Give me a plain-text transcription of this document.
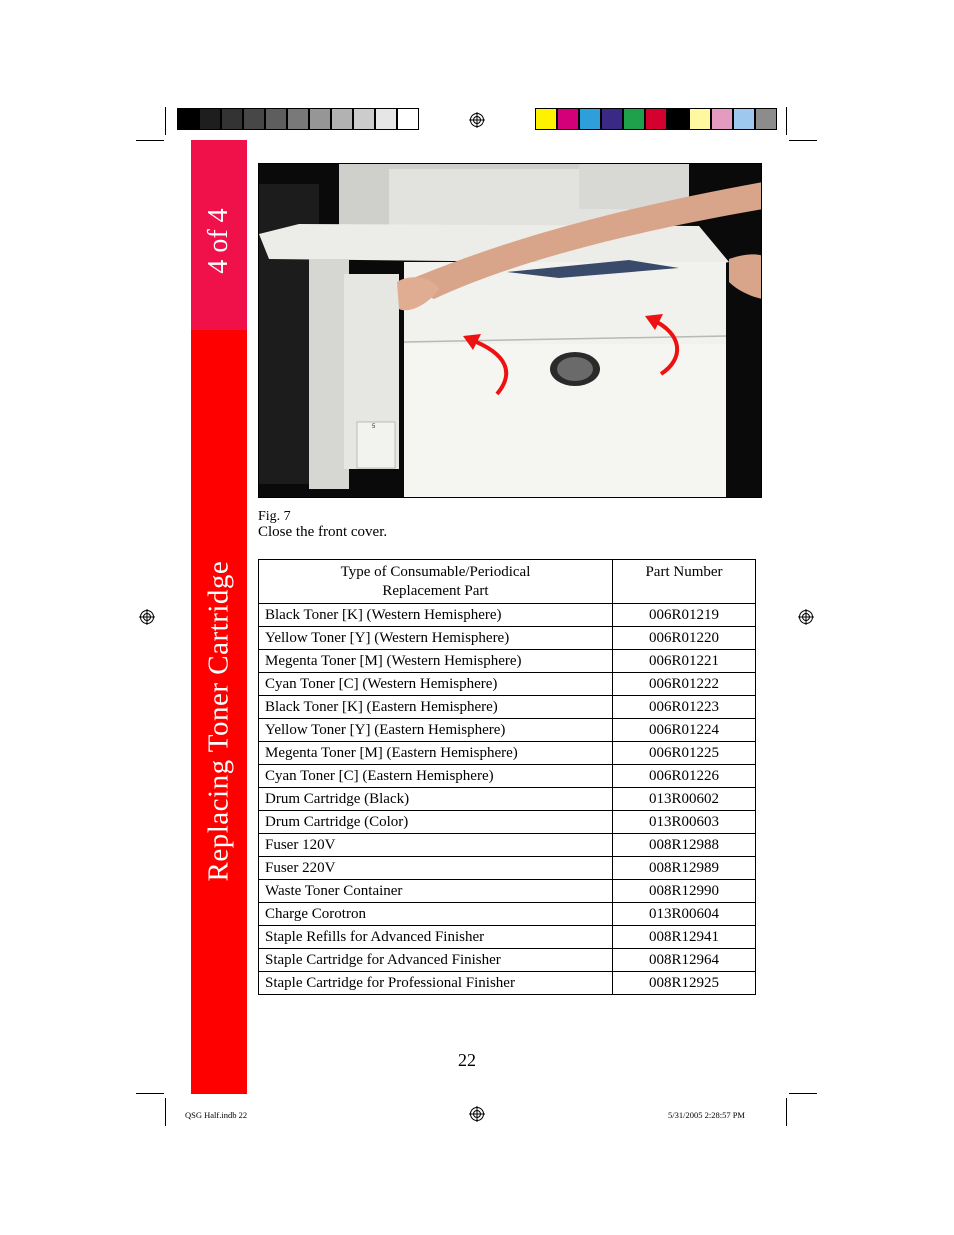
4 of 4
Replacing Toner Cartridge
5
Fig. 7
Close the front cover.
Type of Consumable/Periodical Replacement Part	Part Number
Black Toner [K] (Western Hemisphere)	006R01219
Yellow Toner [Y] (Western Hemisphere)	006R01220
Megenta Toner [M] (Western Hemisphere)	006R01221
Cyan Toner [C] (Western Hemisphere)	006R01222
Black Toner [K] (Eastern Hemisphere)	006R01223
Yellow Toner [Y] (Eastern Hemisphere)	006R01224
Megenta Toner [M] (Eastern Hemisphere)	006R01225
Cyan Toner [C] (Eastern Hemisphere)	006R01226
Drum Cartridge (Black)	013R00602
Drum Cartridge (Color)	013R00603
Fuser 120V	008R12988
Fuser 220V	008R12989
Waste Toner Container	008R12990
Charge Corotron	013R00604
Staple Refills for Advanced Finisher	008R12941
Staple Cartridge for Advanced Finisher	008R12964
Staple Cartridge for Professional Finisher	008R12925
22
QSG Half.indb 22	5/31/2005 2:28:57 PM
